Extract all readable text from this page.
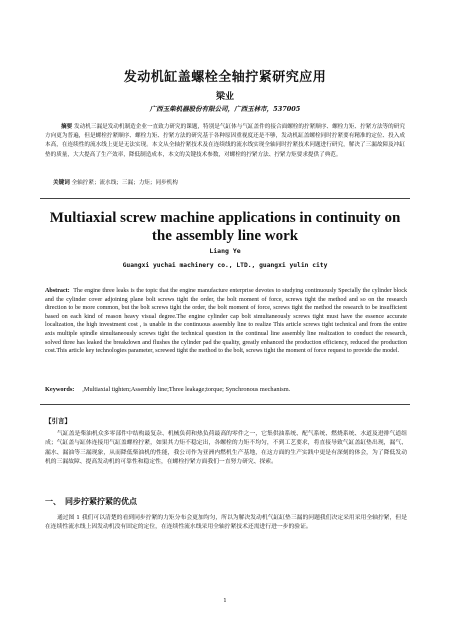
发动机缸盖螺栓全轴拧紧研究应用
梁业
广西玉柴机器股份有限公司，广西玉林市，537005
摘要 发动机三漏是发动机制造企业一直致力研究的课题，特别是气缸体与气缸盖件的接合面螺栓的拧紧顺序、螺栓力矩、拧紧方法等的研究方向更为普遍，但是螺栓拧紧顺序、螺栓力矩、拧紧方法的研究基于各种原因重视度还是不够，发动机缸盖螺栓同时拧紧要有精准的定位、投入成本高，在连续性的流水线上更是无法实现。本文从全轴拧紧技术及在连续线的流水线实现全轴同时拧紧技术问题进行研究，解决了三漏故障及冲缸垫的质量，大大提高了生产效率，降低制造成本，本文的关键技术参数，对螺栓的拧紧方法、拧紧力矩要求提供了典范。
关键词 全轴拧紧；流水线；三漏；力矩；同步机构
Multiaxial screw machine applications in continuity on the assembly line work
Liang Ye
Guangxi yuchai machinery co., LTD., guangxi yulin city
Abstract: The engine three leaks is the topic that the engine manufacture enterprise devotes to studying continuously Specially the cylinder block and the cylinder cover adjoining plane bolt screws tight the order, the bolt moment of force, screws tight the method and so on the research direction to be more common, but the bolt screws tight the order, the bolt moment of force, screws tight the method the research to be insufficient based on each kind of reason heavy visual degree.The engine cylinder cap bolt simultaneously screws tight must have the essence accurate localization, the high investment cost , is unable in the continuous assembly line to realize This article screws tight technical and from the entire axis multiple spindle simultaneously screws tight the technical question in the continual line assembly line realization to conduct the research, solved three has leaked the breakdown and flushes the cylinder pad the quality, greatly enhanced the production efficiency, reduced the production cost.This article key technologies parameter, screwed tight the method to the bolt, screws tight the moment of force request to provide the model.
Keywords: ,Multiaxial tighten;Assembly line;Three leakage;torque; Synchronous mechanism.
【引言】
气缸盖是柴油机众多零部件中结构最复杂、机械负荷和热负荷最高的零件之一，它集供油系统、配气系统、燃烧系统、水道及进排气道组成；气缸盖与缸体连接用气缸盖螺栓拧紧，如果其力矩不稳定出，各螺栓的力矩不均匀，不到工艺要求，将直接导致气缸盖缸垫出现，漏气、漏水、漏油等三漏现象，从而降低柴油机的性能，我公司作为亚洲内燃机生产基地，在这方面的生产实践中更是有深刻的体会，为了降低发动机的三漏故障、提高发动机的可靠性和稳定性，在螺栓拧紧方面我们一直努力研究、探索。
一、 同步拧紧拧紧的优点
通过图 1 我们可以清楚的看到同步拧紧的力矩分布会更加均匀，所以为解决发动机气缸缸垫三漏的问题我们决定采用采用全轴拧紧，但是在连续性流水线上因发动机没有固定的定位，在连续性流水线采用全轴拧紧技术还需进行进一步的验证。
1
